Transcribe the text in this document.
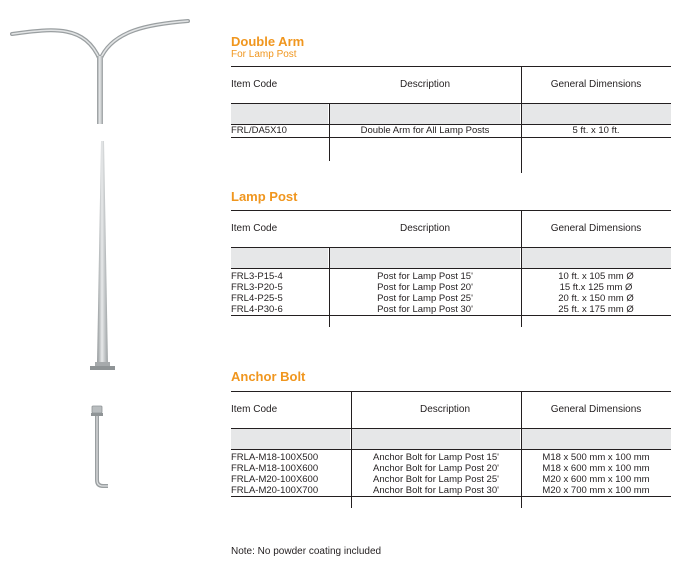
Double Arm
For Lamp Post
Item Code	Description	General Dimensions
FRL/DA5X10	Double Arm for All Lamp Posts	5 ft. x 10 ft.
Lamp Post
Item Code	Description	General Dimensions
FRL3-P15-4	Post for Lamp Post 15'	10 ft. x 105 mm Ø
FRL3-P20-5	Post for Lamp Post 20'	15 ft.x 125 mm Ø
FRL4-P25-5	Post for Lamp Post 25'	20 ft. x 150 mm Ø
FRL4-P30-6	Post for Lamp Post 30'	25 ft. x 175 mm Ø
Anchor Bolt
Item Code	Description	General Dimensions
FRLA-M18-100X500	Anchor Bolt for Lamp Post 15'	M18 x 500 mm x 100 mm
FRLA-M18-100X600	Anchor Bolt for Lamp Post 20'	M18 x 600 mm x 100 mm
FRLA-M20-100X600	Anchor Bolt for Lamp Post 25'	M20 x 600 mm x 100 mm
FRLA-M20-100X700	Anchor Bolt for Lamp Post 30'	M20 x 700 mm x 100 mm
Note: No powder coating included
